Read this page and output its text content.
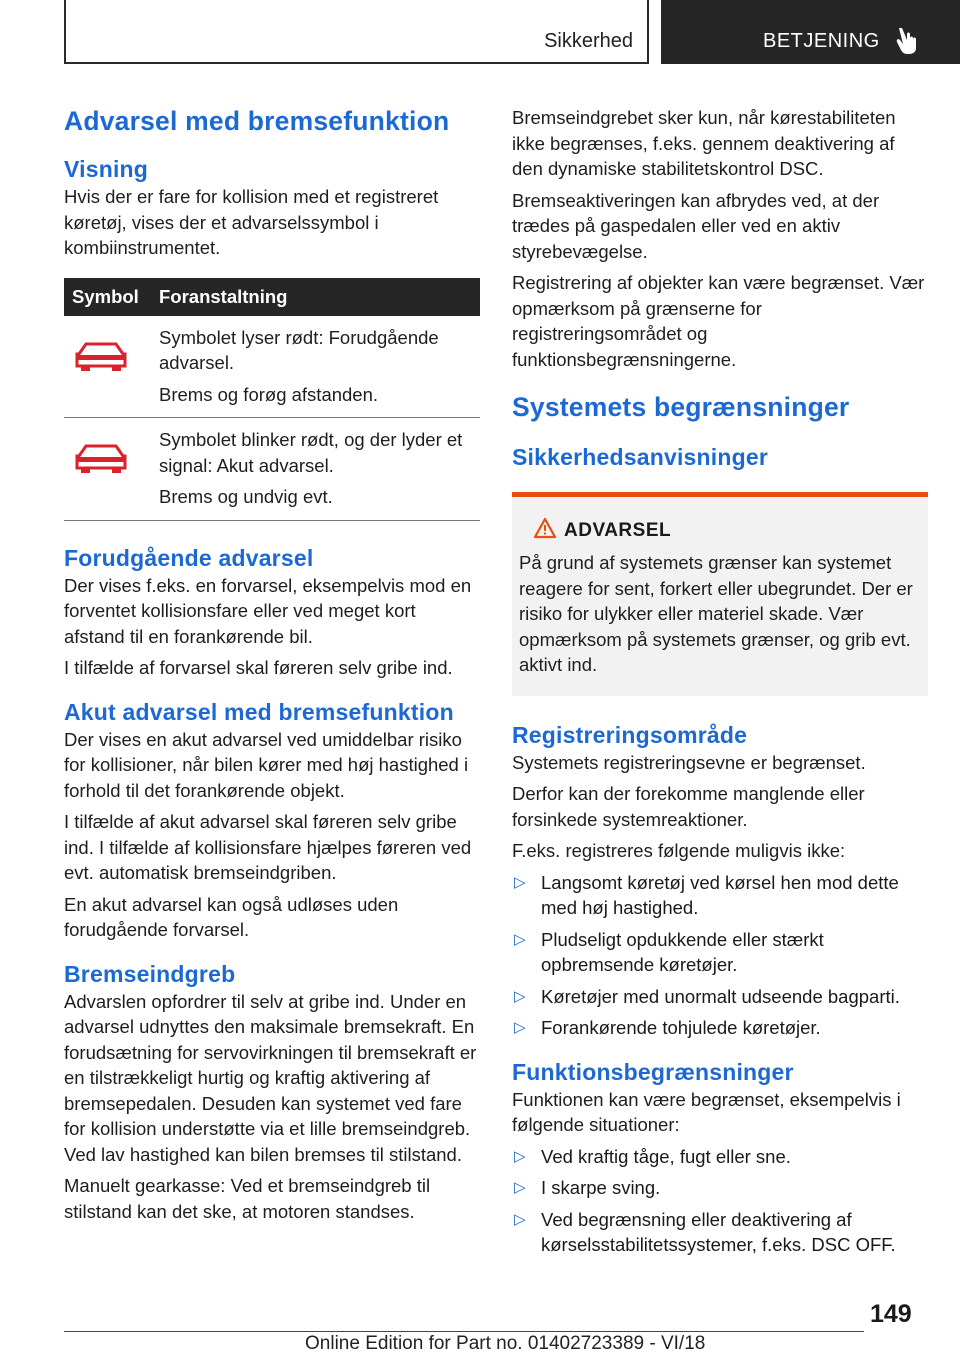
Sikkerhed	BETJENING
Advarsel med bremsefunktion
Visning

Hvis der er fare for kollision med et registreret køretøj, vises der et advarselssymbol i kombiinstrumentet.

Symbol Foranstaltning

Symbolet lyser rødt: Forudgående advarsel.

Brems og forøg afstanden.

Symbolet blinker rødt, og der lyder et signal: Akut advarsel.

Brems og undvig evt.

Forudgående advarsel

Der vises f.eks. en forvarsel, eksempelvis mod en forventet kollisionsfare eller ved meget kort afstand til en forankørende bil.

I tilfælde af forvarsel skal føreren selv gribe ind.

Akut advarsel med bremsefunktion

Der vises en akut advarsel ved umiddelbar risiko for kollisioner, når bilen kører med høj hastighed i forhold til det forankørende objekt.

I tilfælde af akut advarsel skal føreren selv gribe ind. I tilfælde af kollisionsfare hjælpes føreren ved evt. automatisk bremseindgriben.

En akut advarsel kan også udløses uden forudgående forvarsel.

Bremseindgreb

Advarslen opfordrer til selv at gribe ind. Under en advarsel udnyttes den maksimale bremsekraft. En forudsætning for servovirkningen til bremsekraft er en tilstrækkeligt hurtig og kraftig aktivering af bremsepedalen. Desuden kan systemet ved fare for kollision understøtte via et lille bremseindgreb. Ved lav hastighed kan bilen bremses til stilstand.

Manuelt gearkasse: Ved et bremseindgreb til stilstand kan det ske, at motoren standses.

Bremseindgrebet sker kun, når kørestabiliteten ikke begrænses, f.eks. gennem deaktivering af den dynamiske stabilitetskontrol DSC.

Bremseaktiveringen kan afbrydes ved, at der trædes på gaspedalen eller ved en aktiv styrebevægelse.

Registrering af objekter kan være begrænset. Vær opmærksom på grænserne for registreringsområdet og funktionsbegrænsningerne.

Systemets begrænsninger
Sikkerhedsanvisninger
ADVARSEL

På grund af systemets grænser kan systemet reagere for sent, forkert eller ubegrundet. Der er risiko for ulykker eller materiel skade. Vær opmærksom på systemets grænser, og grib evt. aktivt ind.

Registreringsområde

Systemets registreringsevne er begrænset.

Derfor kan der forekomme manglende eller forsinkede systemreaktioner.

F.eks. registreres følgende muligvis ikke:

▷ Langsomt køretøj ved kørsel hen mod dette med høj hastighed.
▷ Pludseligt opdukkende eller stærkt opbremsende køretøjer.
▷ Køretøjer med unormalt udseende bagparti.
▷ Forankørende tohjulede køretøjer.
Funktionsbegrænsninger

Funktionen kan være begrænset, eksempelvis i følgende situationer:

▷ Ved kraftig tåge, fugt eller sne.
▷ I skarpe sving.
▷ Ved begrænsning eller deaktivering af kørselsstabilitetssystemer, f.eks. DSC OFF.
149
Online Edition for Part no. 01402723389 - VI/18
